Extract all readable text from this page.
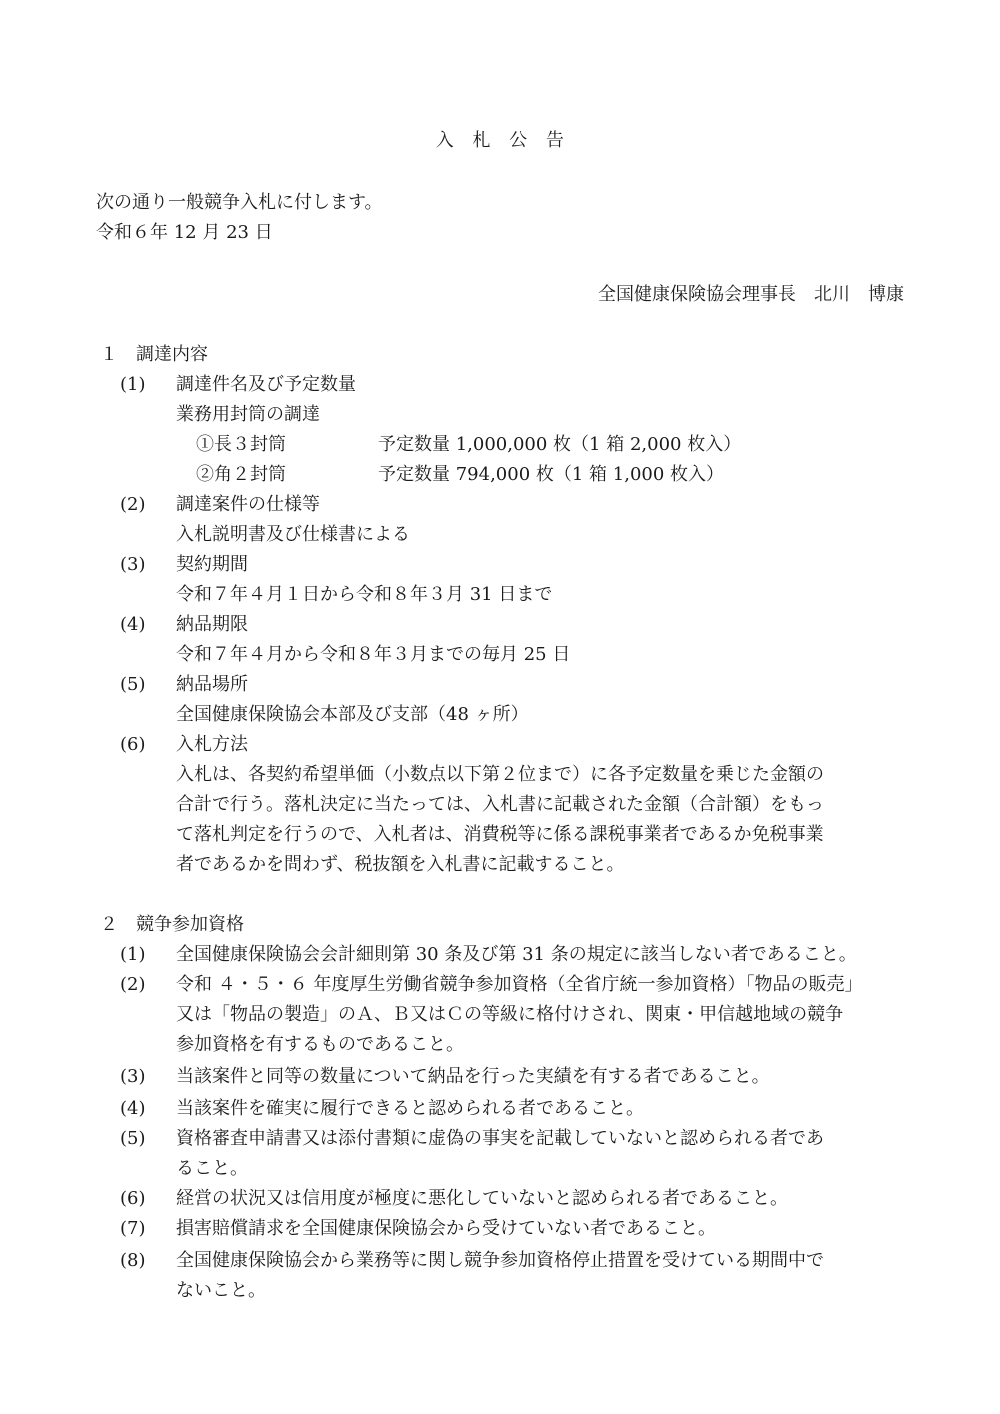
入　札　公　告
次の通り一般競争入札に付します。
令和６年 12 月 23 日
全国健康保険協会理事長　北川　博康
１　調達内容
(1) 調達件名及び予定数量
業務用封筒の調達
①長３封筒	予定数量 1,000,000 枚（1 箱 2,000 枚入）
②角２封筒	予定数量 794,000 枚（1 箱 1,000 枚入）
(2) 調達案件の仕様等
入札説明書及び仕様書による
(3) 契約期間
令和７年４月１日から令和８年３月 31 日まで
(4) 納品期限
令和７年４月から令和８年３月までの毎月 25 日
(5) 納品場所
全国健康保険協会本部及び支部（48 ヶ所）
(6) 入札方法
入札は、各契約希望単価（小数点以下第２位まで）に各予定数量を乗じた金額の
合計で行う。落札決定に当たっては、入札書に記載された金額（合計額）をもっ
て落札判定を行うので、入札者は、消費税等に係る課税事業者であるか免税事業
者であるかを問わず、税抜額を入札書に記載すること。
２　競争参加資格
(1) 全国健康保険協会会計細則第 30 条及び第 31 条の規定に該当しない者であること。
(2) 令和 ４・５・６ 年度厚生労働省競争参加資格（全省庁統一参加資格）「物品の販売」
又は「物品の製造」のＡ、Ｂ又はＣの等級に格付けされ、関東・甲信越地域の競争
参加資格を有するものであること。
(3) 当該案件と同等の数量について納品を行った実績を有する者であること。
(4) 当該案件を確実に履行できると認められる者であること。
(5) 資格審査申請書又は添付書類に虚偽の事実を記載していないと認められる者であ
ること。
(6) 経営の状況又は信用度が極度に悪化していないと認められる者であること。
(7) 損害賠償請求を全国健康保険協会から受けていない者であること。
(8) 全国健康保険協会から業務等に関し競争参加資格停止措置を受けている期間中で
ないこと。
